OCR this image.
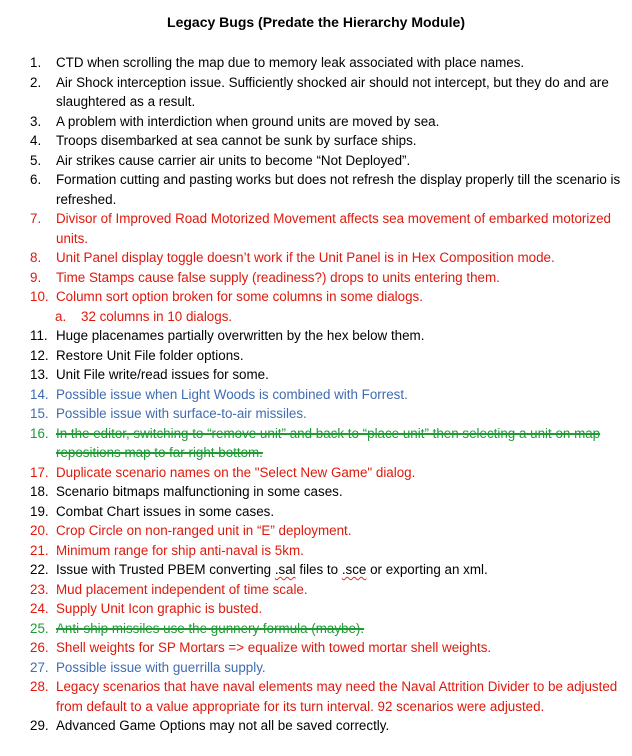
Legacy Bugs (Predate the Hierarchy Module)
1. CTD when scrolling the map due to memory leak associated with place names.
2. Air Shock interception issue. Sufficiently shocked air should not intercept, but they do and are slaughtered as a result.
3. A problem with interdiction when ground units are moved by sea.
4. Troops disembarked at sea cannot be sunk by surface ships.
5. Air strikes cause carrier air units to become “Not Deployed”.
6. Formation cutting and pasting works but does not refresh the display properly till the scenario is refreshed.
7. Divisor of Improved Road Motorized Movement affects sea movement of embarked motorized units.
8. Unit Panel display toggle doesn’t work if the Unit Panel is in Hex Composition mode.
9. Time Stamps cause false supply (readiness?) drops to units entering them.
10. Column sort option broken for some columns in some dialogs.
a. 32 columns in 10 dialogs.
11. Huge placenames partially overwritten by the hex below them.
12. Restore Unit File folder options.
13. Unit File write/read issues for some.
14. Possible issue when Light Woods is combined with Forrest.
15. Possible issue with surface-to-air missiles.
16. In the editor, switching to “remove unit” and back to “place unit” then selecting a unit on map repositions map to far right bottom.
17. Duplicate scenario names on the "Select New Game" dialog.
18. Scenario bitmaps malfunctioning in some cases.
19. Combat Chart issues in some cases.
20. Crop Circle on non-ranged unit in “E” deployment.
21. Minimum range for ship anti-naval is 5km.
22. Issue with Trusted PBEM converting .sal files to .sce or exporting an xml.
23. Mud placement independent of time scale.
24. Supply Unit Icon graphic is busted.
25. Anti-ship missiles use the gunnery formula (maybe).
26. Shell weights for SP Mortars => equalize with towed mortar shell weights.
27. Possible issue with guerrilla supply.
28. Legacy scenarios that have naval elements may need the Naval Attrition Divider to be adjusted from default to a value appropriate for its turn interval. 92 scenarios were adjusted.
29. Advanced Game Options may not all be saved correctly.
